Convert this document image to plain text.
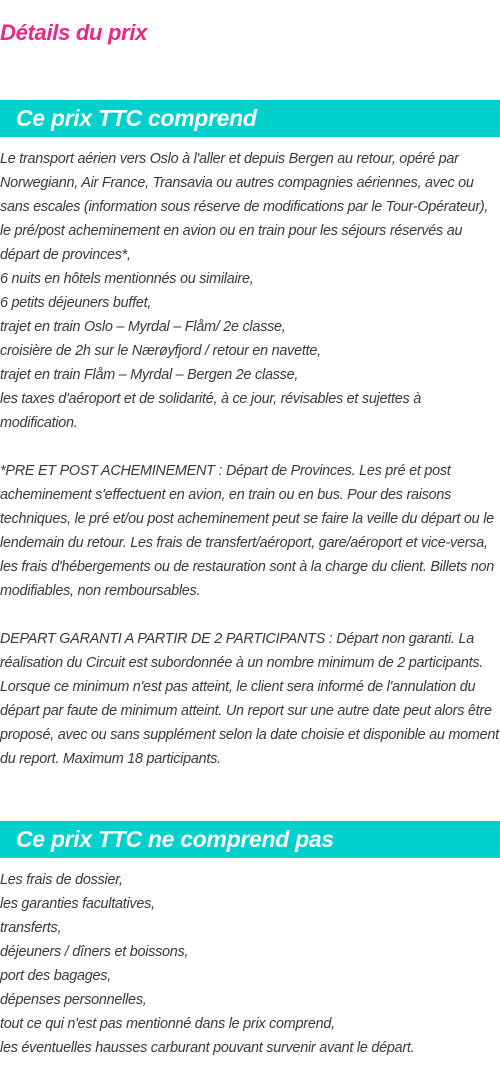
Détails du prix
Ce prix TTC comprend
Le transport aérien vers Oslo à l'aller et depuis Bergen au retour, opéré par Norwegiann, Air France, Transavia ou autres compagnies aériennes, avec ou sans escales (information sous réserve de modifications par le Tour-Opérateur), le pré/post acheminement en avion ou en train pour les séjours réservés au départ de provinces*,
6 nuits en hôtels mentionnés ou similaire,
6 petits déjeuners buffet,
trajet en train Oslo – Myrdal – Flåm/ 2e classe,
croisière de 2h sur le Nærøyfjord / retour en navette,
trajet en train Flåm – Myrdal – Bergen 2e classe,

les taxes d'aéroport et de solidarité, à ce jour, révisables et sujettes à modification.

*PRE ET POST ACHEMINEMENT : Départ de Provinces. Les pré et post acheminement s'effectuent en avion, en train ou en bus. Pour des raisons techniques, le pré et/ou post acheminement peut se faire la veille du départ ou le lendemain du retour. Les frais de transfert/aéroport, gare/aéroport et vice-versa, les frais d'hébergements ou de restauration sont à la charge du client. Billets non modifiables, non remboursables.

DEPART GARANTI A PARTIR DE 2 PARTICIPANTS : Départ non garanti. La réalisation du Circuit est subordonnée à un nombre minimum de 2 participants. Lorsque ce minimum n'est pas atteint, le client sera informé de l'annulation du départ par faute de minimum atteint. Un report sur une autre date peut alors être proposé, avec ou sans supplément selon la date choisie et disponible au moment du report. Maximum 18 participants.

Ce prix TTC ne comprend pas
Les frais de dossier,
les garanties facultatives,
transferts,
déjeuners / dîners et boissons,
port des bagages,
dépenses personnelles,
tout ce qui n'est pas mentionné dans le prix comprend,
les éventuelles hausses carburant pouvant survenir avant le départ.
